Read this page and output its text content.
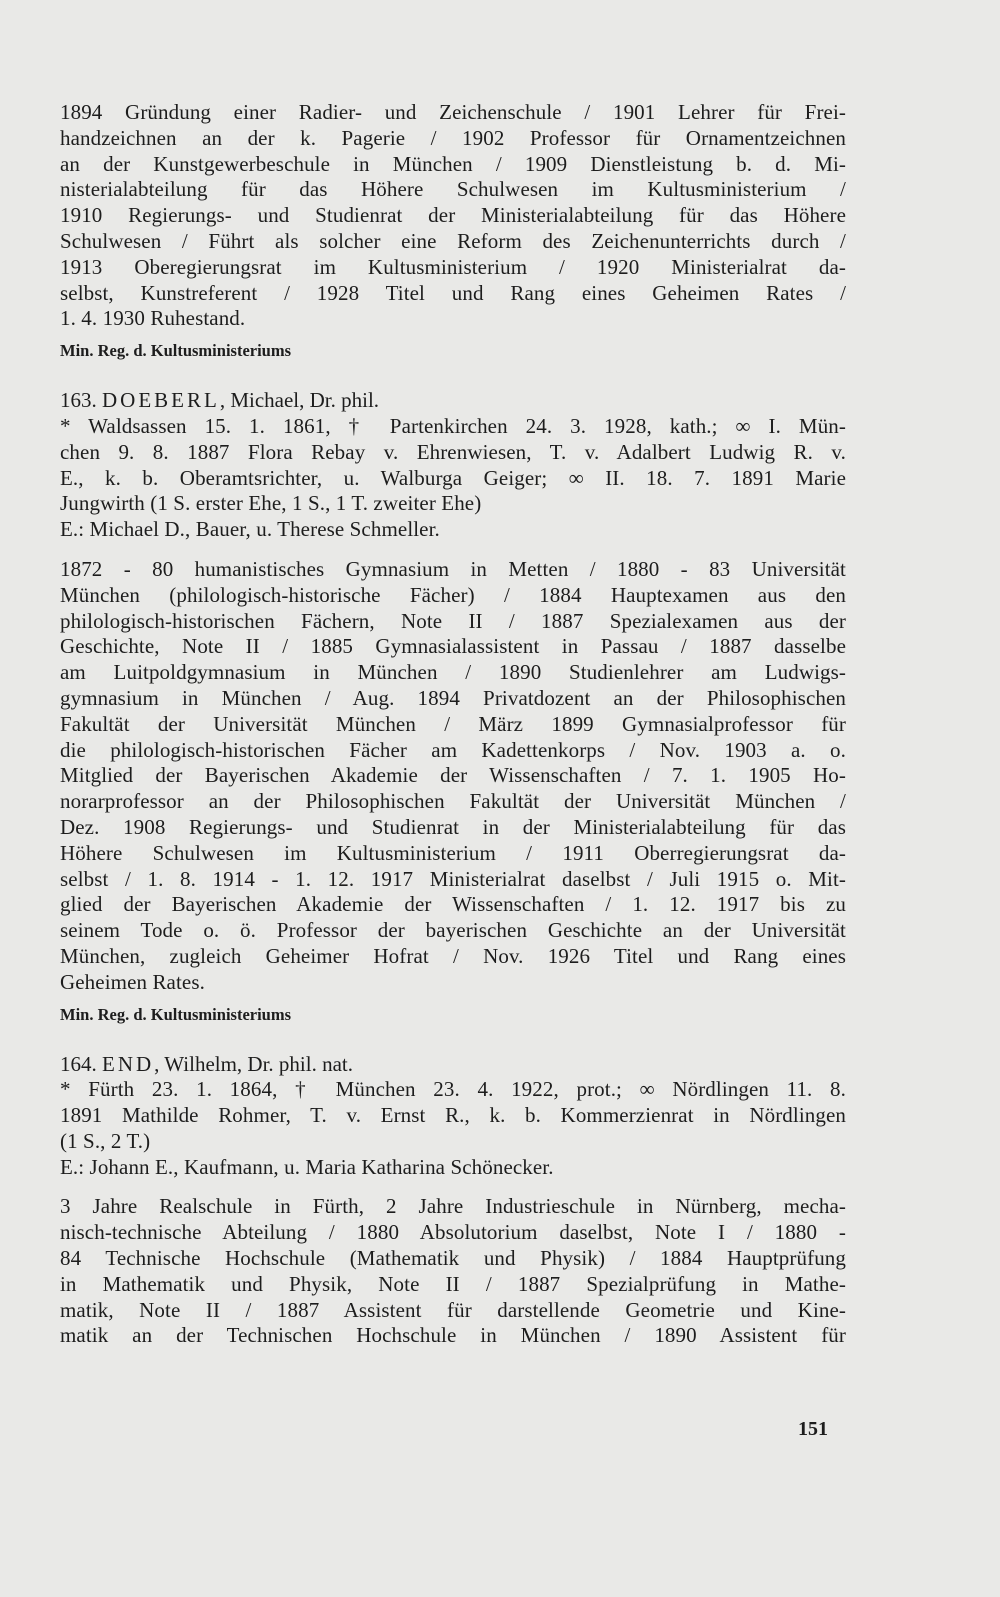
1894 Gründung einer Radier- und Zeichenschule / 1901 Lehrer für Frei-
handzeichnen an der k. Pagerie / 1902 Professor für Ornamentzeichnen
an der Kunstgewerbeschule in München / 1909 Dienstleistung b. d. Mi-
nisterialabteilung für das Höhere Schulwesen im Kultusministerium /
1910 Regierungs- und Studienrat der Ministerialabteilung für das Höhere
Schulwesen / Führt als solcher eine Reform des Zeichenunterrichts durch /
1913 Oberegierungsrat im Kultusministerium / 1920 Ministerialrat da-
selbst, Kunstreferent / 1928 Titel und Rang eines Geheimen Rates /
1. 4. 1930 Ruhestand.
Min. Reg. d. Kultusministeriums
163. DOEBERL, Michael, Dr. phil.
* Waldsassen 15. 1. 1861, † Partenkirchen 24. 3. 1928, kath.; ∞ I. Mün-
chen 9. 8. 1887 Flora Rebay v. Ehrenwiesen, T. v. Adalbert Ludwig R. v.
E., k. b. Oberamtsrichter, u. Walburga Geiger; ∞ II. 18. 7. 1891 Marie
Jungwirth (1 S. erster Ehe, 1 S., 1 T. zweiter Ehe)
E.: Michael D., Bauer, u. Therese Schmeller.
1872 - 80 humanistisches Gymnasium in Metten / 1880 - 83 Universität
München (philologisch-historische Fächer) / 1884 Hauptexamen aus den
philologisch-historischen Fächern, Note II / 1887 Spezialexamen aus der
Geschichte, Note II / 1885 Gymnasialassistent in Passau / 1887 dasselbe
am Luitpoldgymnasium in München / 1890 Studienlehrer am Ludwigs-
gymnasium in München / Aug. 1894 Privatdozent an der Philosophischen
Fakultät der Universität München / März 1899 Gymnasialprofessor für
die philologisch-historischen Fächer am Kadettenkorps / Nov. 1903 a. o.
Mitglied der Bayerischen Akademie der Wissenschaften / 7. 1. 1905 Ho-
norarprofessor an der Philosophischen Fakultät der Universität München /
Dez. 1908 Regierungs- und Studienrat in der Ministerialabteilung für das
Höhere Schulwesen im Kultusministerium / 1911 Oberregierungsrat da-
selbst / 1. 8. 1914 - 1. 12. 1917 Ministerialrat daselbst / Juli 1915 o. Mit-
glied der Bayerischen Akademie der Wissenschaften / 1. 12. 1917 bis zu
seinem Tode o. ö. Professor der bayerischen Geschichte an der Universität
München, zugleich Geheimer Hofrat / Nov. 1926 Titel und Rang eines
Geheimen Rates.
Min. Reg. d. Kultusministeriums
164. END, Wilhelm, Dr. phil. nat.
* Fürth 23. 1. 1864, † München 23. 4. 1922, prot.; ∞ Nördlingen 11. 8.
1891 Mathilde Rohmer, T. v. Ernst R., k. b. Kommerzienrat in Nördlingen
(1 S., 2 T.)
E.: Johann E., Kaufmann, u. Maria Katharina Schönecker.
3 Jahre Realschule in Fürth, 2 Jahre Industrieschule in Nürnberg, mecha-
nisch-technische Abteilung / 1880 Absolutorium daselbst, Note I / 1880 -
84 Technische Hochschule (Mathematik und Physik) / 1884 Hauptprüfung
in Mathematik und Physik, Note II / 1887 Spezialprüfung in Mathe-
matik, Note II / 1887 Assistent für darstellende Geometrie und Kine-
matik an der Technischen Hochschule in München / 1890 Assistent für
151
